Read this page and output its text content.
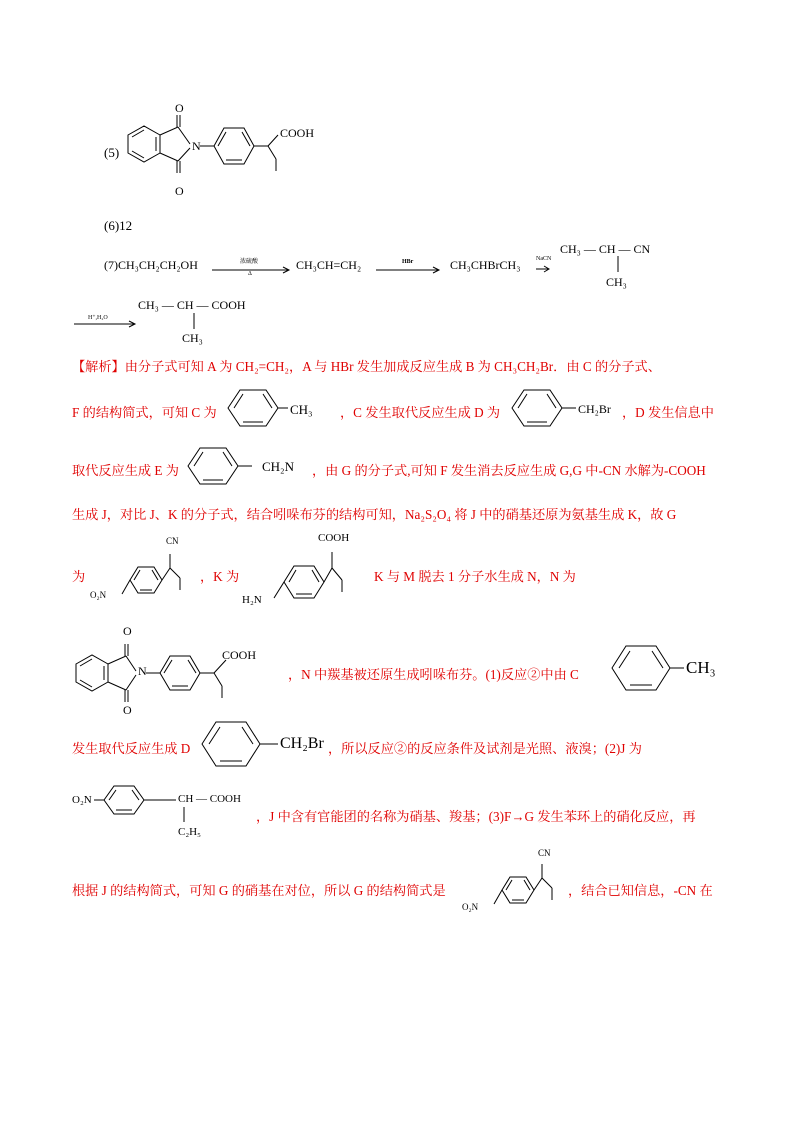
(5)
O
O
N
COOH
(6)12
(7)CH₃CH₂CH₂OH	浓硫酸
Δ
CH₃CH=CH₂	HBr	CH₃CHBrCH₃	NaCN
CH₃ — CH — CN
CH₃
H⁺,H₂O
CH₃ — CH — COOH
CH₃
【解析】由分子式可知 A 为 CH₂=CH₂，A 与 HBr 发生加成反应生成 B 为 CH₃CH₂Br．由 C 的分子式、
F 的结构简式，可知 C 为	CH₃ ，C 发生取代反应生成 D 为	CH₂Br ，D 发生信息中
取代反应生成 E 为	CH₂N ，由 G 的分子式,可知 F 发生消去反应生成 G,G 中-CN 水解为-COOH
生成 J，对比 J、K 的分子式，结合吲哚布芬的结构可知，Na₂S₂O₄ 将 J 中的硝基还原为氨基生成 K，故 G
为
CN
O₂N
，K 为
COOH
H₂N
K 与 M 脱去 1 分子水生成 N，N 为
O
O
N
COOH
，N 中羰基被还原生成吲哚布芬。(1)反应②中由 C	CH₃
发生取代反应生成 D	CH₂Br ，所以反应②的反应条件及试剂是光照、液溴；(2)J 为
O₂N	CH — COOH
C₂H₅
，J 中含有官能团的名称为硝基、羧基；(3)F→G 发生苯环上的硝化反应，再
根据 J 的结构简式，可知 G 的硝基在对位，所以 G 的结构简式是
CN
O₂N
，结合已知信息，-CN 在
